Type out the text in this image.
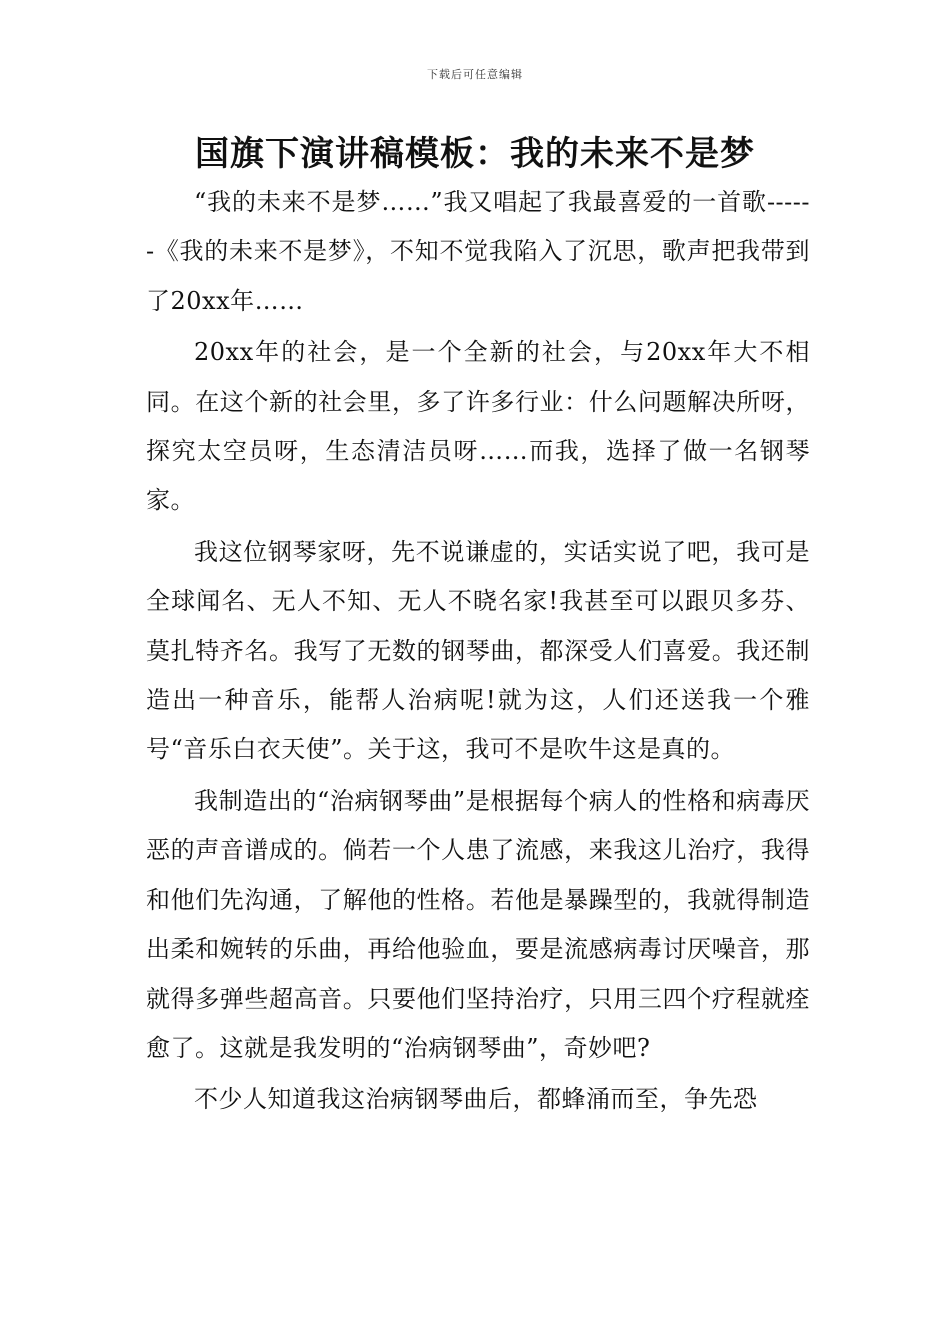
下载后可任意编辑
国旗下演讲稿模板：我的未来不是梦

“我的未来不是梦……”我又唱起了我最喜爱的一首歌------《我的未来不是梦》，不知不觉我陷入了沉思，歌声把我带到了20xx年……

20xx年的社会，是一个全新的社会，与20xx年大不相同。在这个新的社会里，多了许多行业：什么问题解决所呀，探究太空员呀，生态清洁员呀……而我，选择了做一名钢琴家。

我这位钢琴家呀，先不说谦虚的，实话实说了吧，我可是全球闻名、无人不知、无人不晓名家!我甚至可以跟贝多芬、莫扎特齐名。我写了无数的钢琴曲，都深受人们喜爱。我还制造出一种音乐，能帮人治病呢!就为这，人们还送我一个雅号“音乐白衣天使”。关于这，我可不是吹牛这是真的。

我制造出的“治病钢琴曲”是根据每个病人的性格和病毒厌恶的声音谱成的。倘若一个人患了流感，来我这儿治疗，我得和他们先沟通，了解他的性格。若他是暴躁型的，我就得制造出柔和婉转的乐曲，再给他验血，要是流感病毒讨厌噪音，那就得多弹些超高音。只要他们坚持治疗，只用三四个疗程就痊愈了。这就是我发明的“治病钢琴曲”，奇妙吧?

不少人知道我这治病钢琴曲后，都蜂涌而至，争先恐
